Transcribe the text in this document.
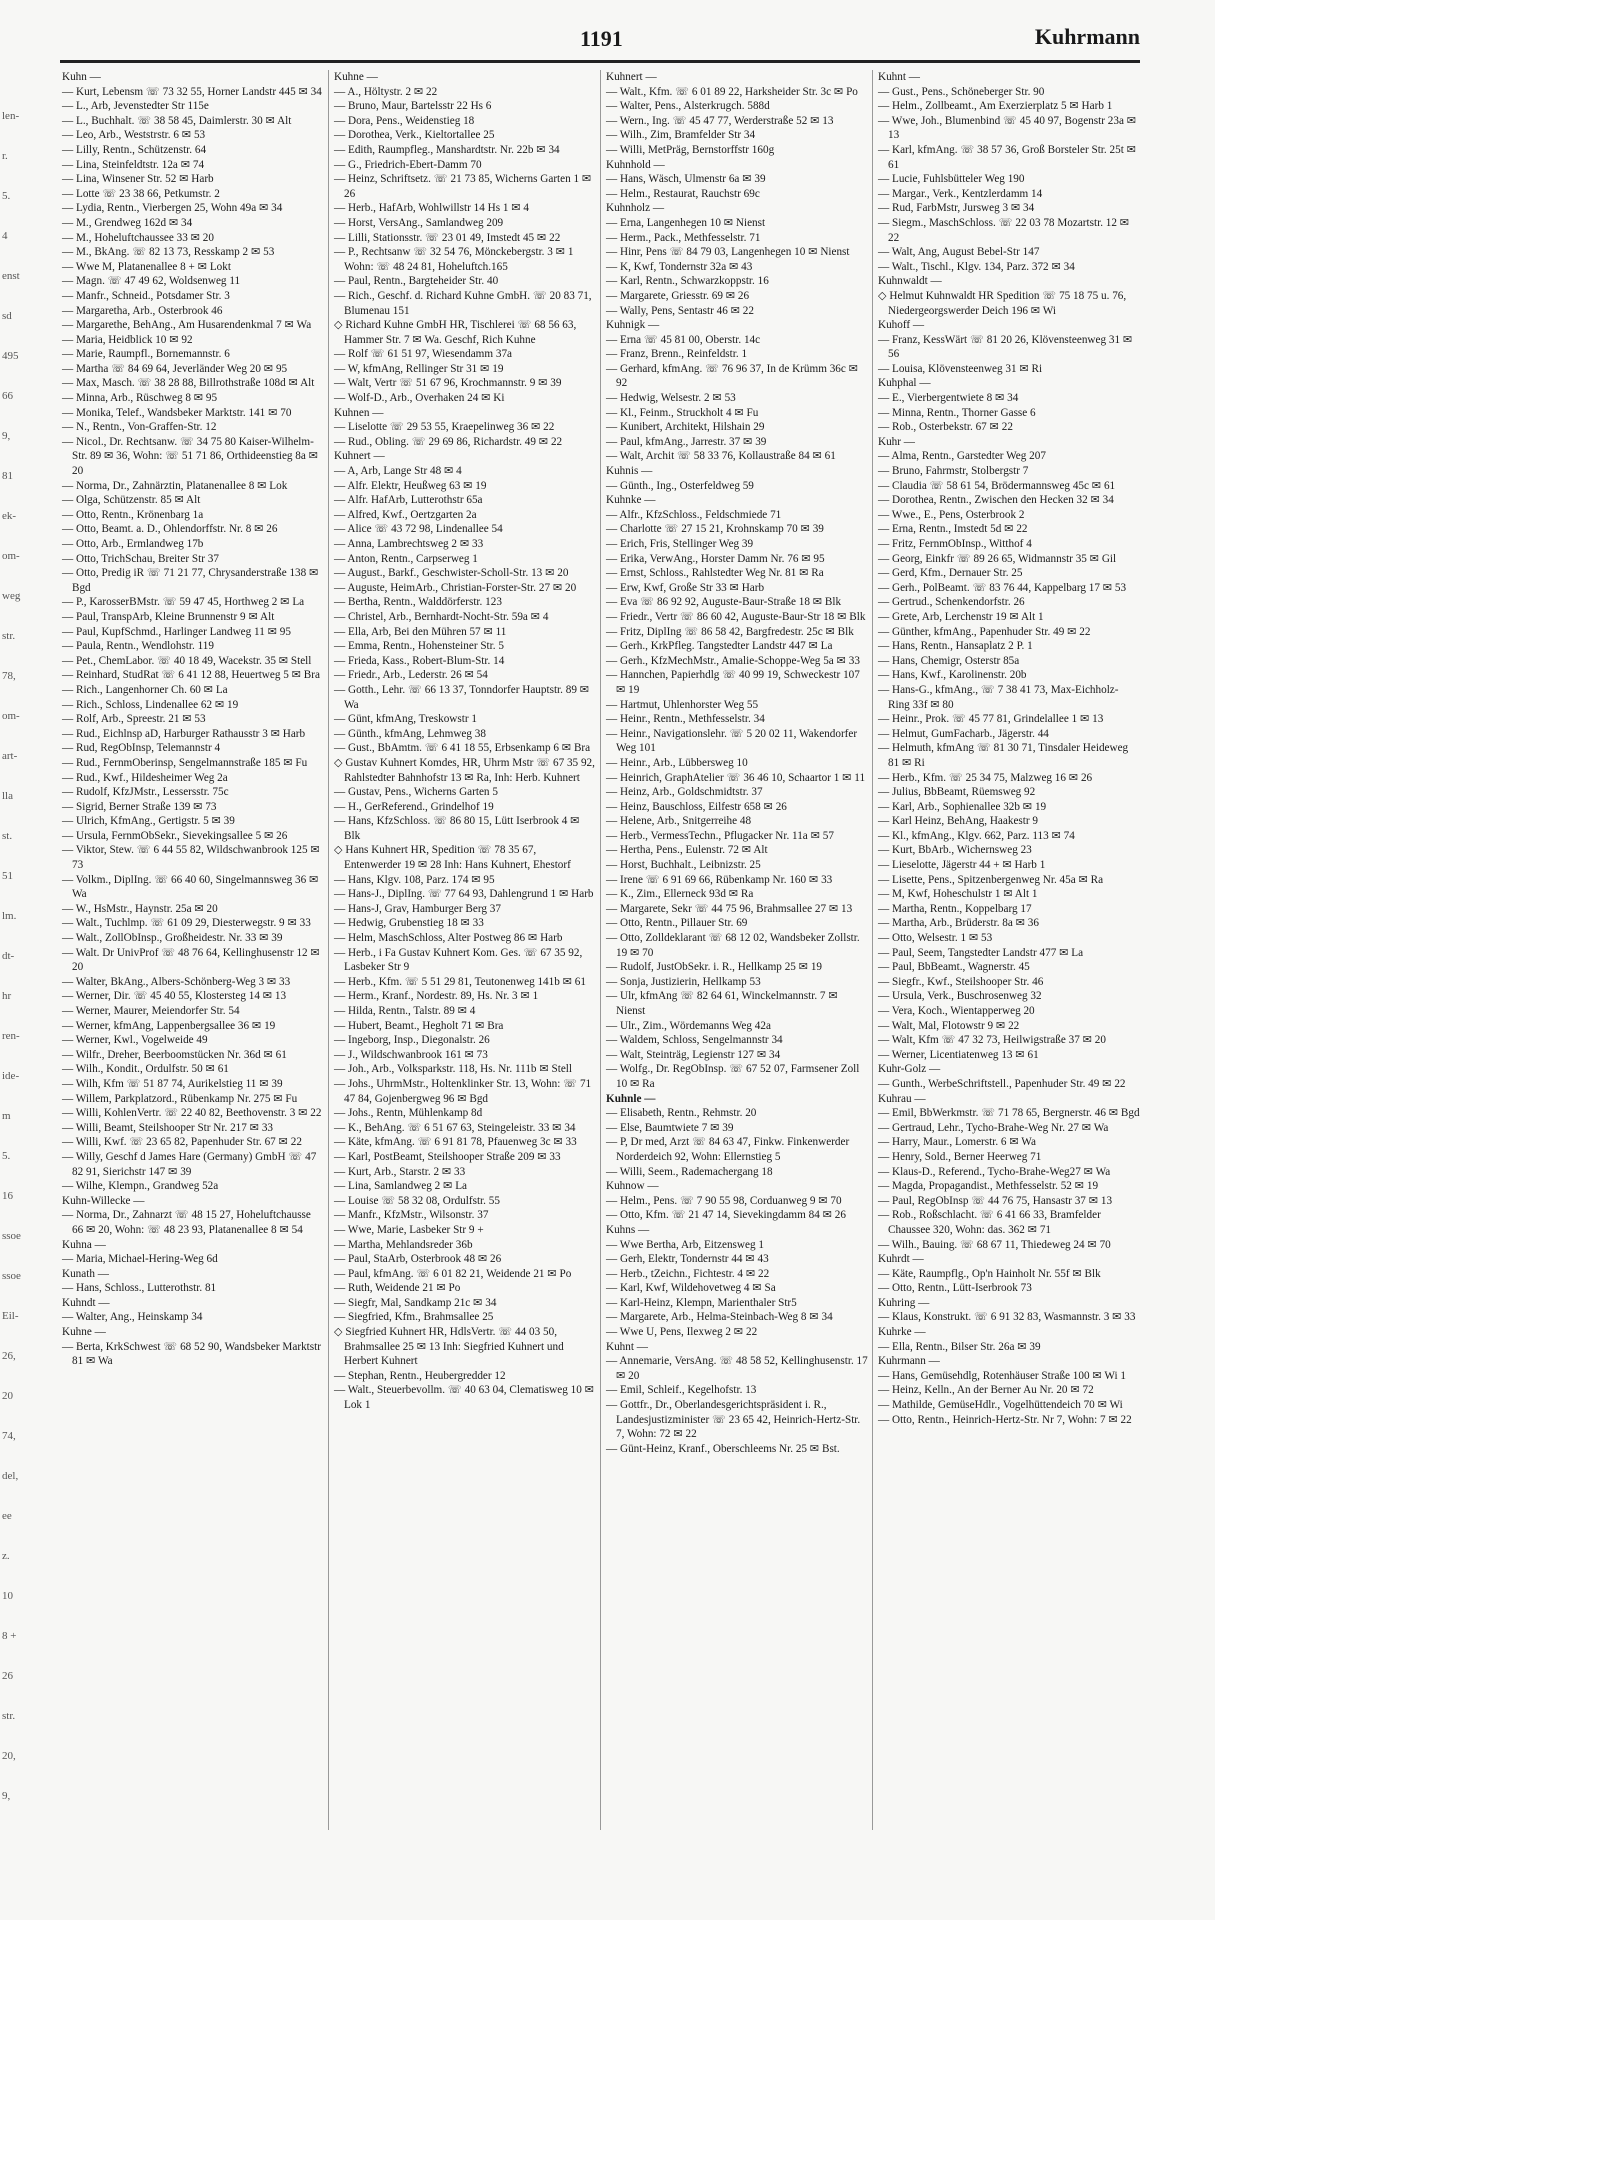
len-
r.
5.
4
enst
sd
495
66
9,
81
ek-
om-
weg
str.
78,
om-
art-
lla
st.
51
lm.
dt-
hr
ren-
ide-
m
5.
16
ssoe
ssoe
Eil-
26,
20
74,
del,
ee
z.
10
8 +
26
str.
20,
9,
1191	Kuhrmann

Kuhn —

— Kurt, Lebensm ☏ 73 32 55, Horner Landstr 445 ✉ 34

— L., Arb, Jevenstedter Str 115e

— L., Buchhalt. ☏ 38 58 45, Daimlerstr. 30 ✉ Alt

— Leo, Arb., Weststrstr. 6 ✉ 53

— Lilly, Rentn., Schützenstr. 64

— Lina, Steinfeldtstr. 12a ✉ 74

— Lina, Winsener Str. 52 ✉ Harb

— Lotte ☏ 23 38 66, Petkumstr. 2

— Lydia, Rentn., Vierbergen 25, Wohn 49a ✉ 34

— M., Grendweg 162d ✉ 34

— M., Hoheluftchaussee 33 ✉ 20

— M., BkAng. ☏ 82 13 73, Resskamp 2 ✉ 53

— Wwe M, Platanenallee 8 + ✉ Lokt

— Magn. ☏ 47 49 62, Woldsenweg 11

— Manfr., Schneid., Potsdamer Str. 3

— Margaretha, Arb., Osterbrook 46

— Margarethe, BehAng., Am Husarendenkmal 7 ✉ Wa

— Maria, Heidblick 10 ✉ 92

— Marie, Raumpfl., Bornemannstr. 6

— Martha ☏ 84 69 64, Jeverländer Weg 20 ✉ 95

— Max, Masch. ☏ 38 28 88, Billrothstraße 108d ✉ Alt

— Minna, Arb., Rüschweg 8 ✉ 95

— Monika, Telef., Wandsbeker Marktstr. 141 ✉ 70

— N., Rentn., Von-Graffen-Str. 12

— Nicol., Dr. Rechtsanw. ☏ 34 75 80 Kaiser-Wilhelm-Str. 89 ✉ 36, Wohn: ☏ 51 71 86, Orthideenstieg 8a ✉ 20

— Norma, Dr., Zahnärztin, Platanenallee 8 ✉ Lok

— Olga, Schützenstr. 85 ✉ Alt

— Otto, Rentn., Krönenbarg 1a

— Otto, Beamt. a. D., Ohlendorffstr. Nr. 8 ✉ 26

— Otto, Arb., Ermlandweg 17b

— Otto, TrichSchau, Breiter Str 37

— Otto, Predig iR ☏ 71 21 77, Chrysanderstraße 138 ✉ Bgd

— P., KarosserBMstr. ☏ 59 47 45, Horthweg 2 ✉ La

— Paul, TranspArb, Kleine Brunnenstr 9 ✉ Alt

— Paul, KupfSchmd., Harlinger Landweg 11 ✉ 95

— Paula, Rentn., Wendlohstr. 119

— Pet., ChemLabor. ☏ 40 18 49, Wacekstr. 35 ✉ Stell

— Reinhard, StudRat ☏ 6 41 12 88, Heuertweg 5 ✉ Bra

— Rich., Langenhorner Ch. 60 ✉ La

— Rich., Schloss, Lindenallee 62 ✉ 19

— Rolf, Arb., Spreestr. 21 ✉ 53

— Rud., Eichlnsp aD, Harburger Rathausstr 3 ✉ Harb

— Rud, RegObInsp, Telemannstr 4

— Rud., FernmOberinsp, Sengelmannstraße 185 ✉ Fu

— Rud., Kwf., Hildesheimer Weg 2a

— Rudolf, KfzJMstr., Lessersstr. 75c

— Sigrid, Berner Straße 139 ✉ 73

— Ulrich, KfmAng., Gertigstr. 5 ✉ 39

— Ursula, FernmObSekr., Sievekingsallee 5 ✉ 26

— Viktor, Stew. ☏ 6 44 55 82, Wildschwanbrook 125 ✉ 73

— Volkm., DiplIng. ☏ 66 40 60, Singelmannsweg 36 ✉ Wa

— W., HsMstr., Haynstr. 25a ✉ 20

— Walt., Tuchlmp. ☏ 61 09 29, Diesterwegstr. 9 ✉ 33

— Walt., ZollObInsp., Großheidestr. Nr. 33 ✉ 39

— Walt. Dr UnivProf ☏ 48 76 64, Kellinghusenstr 12 ✉ 20

— Walter, BkAng., Albers-Schönberg-Weg 3 ✉ 33

— Werner, Dir. ☏ 45 40 55, Klostersteg 14 ✉ 13

— Werner, Maurer, Meiendorfer Str. 54

— Werner, kfmAng, Lappenbergsallee 36 ✉ 19

— Werner, Kwl., Vogelweide 49

— Wilfr., Dreher, Beerboomstücken Nr. 36d ✉ 61

— Wilh., Kondit., Ordulfstr. 50 ✉ 61

— Wilh, Kfm ☏ 51 87 74, Aurikelstieg 11 ✉ 39

— Willem, Parkplatzord., Rübenkamp Nr. 275 ✉ Fu

— Willi, KohlenVertr. ☏ 22 40 82, Beethovenstr. 3 ✉ 22

— Willi, Beamt, Steilshooper Str Nr. 217 ✉ 33

— Willi, Kwf. ☏ 23 65 82, Papenhuder Str. 67 ✉ 22

— Willy, Geschf d James Hare (Germany) GmbH ☏ 47 82 91, Sierichstr 147 ✉ 39

— Wilhe, Klempn., Grandweg 52a

Kuhn-Willecke —

— Norma, Dr., Zahnarzt ☏ 48 15 27, Hoheluftchausse 66 ✉ 20, Wohn: ☏ 48 23 93, Platanenallee 8 ✉ 54

Kuhna —

— Maria, Michael-Hering-Weg 6d

Kunath —

— Hans, Schloss., Lutterothstr. 81

Kuhndt —

— Walter, Ang., Heinskamp 34

Kuhne —

— Berta, KrkSchwest ☏ 68 52 90, Wandsbeker Marktstr 81 ✉ Wa

Kuhne —

— A., Höltystr. 2 ✉ 22

— Bruno, Maur, Bartelsstr 22 Hs 6

— Dora, Pens., Weidenstieg 18

— Dorothea, Verk., Kieltortallee 25

— Edith, Raumpfleg., Manshardtstr. Nr. 22b ✉ 34

— G., Friedrich-Ebert-Damm 70

— Heinz, Schriftsetz. ☏ 21 73 85, Wicherns Garten 1 ✉ 26

— Herb., HafArb, Wohlwillstr 14 Hs 1 ✉ 4

— Horst, VersAng., Samlandweg 209

— Lilli, Stationsstr. ☏ 23 01 49, Imstedt 45 ✉ 22

— P., Rechtsanw ☏ 32 54 76, Mönckebergstr. 3 ✉ 1 Wohn: ☏ 48 24 81, Hoheluftch.165

— Paul, Rentn., Bargteheider Str. 40

— Rich., Geschf. d. Richard Kuhne GmbH. ☏ 20 83 71, Blumenau 151

◇ Richard Kuhne GmbH HR, Tischlerei ☏ 68 56 63, Hammer Str. 7 ✉ Wa. Geschf, Rich Kuhne

— Rolf ☏ 61 51 97, Wiesendamm 37a

— W, kfmAng, Rellinger Str 31 ✉ 19

— Walt, Vertr ☏ 51 67 96, Krochmannstr. 9 ✉ 39

— Wolf-D., Arb., Overhaken 24 ✉ Ki

Kuhnen —

— Liselotte ☏ 29 53 55, Kraepelinweg 36 ✉ 22

— Rud., Obling. ☏ 29 69 86, Richardstr. 49 ✉ 22

Kuhnert —

— A, Arb, Lange Str 48 ✉ 4

— Alfr. Elektr, Heußweg 63 ✉ 19

— Alfr. HafArb, Lutterothstr 65a

— Alfred, Kwf., Oertzgarten 2a

— Alice ☏ 43 72 98, Lindenallee 54

— Anna, Lambrechtsweg 2 ✉ 33

— Anton, Rentn., Carpserweg 1

— August., Barkf., Geschwister-Scholl-Str. 13 ✉ 20

— Auguste, HeimArb., Christian-Forster-Str. 27 ✉ 20

— Bertha, Rentn., Walddörferstr. 123

— Christel, Arb., Bernhardt-Nocht-Str. 59a ✉ 4

— Ella, Arb, Bei den Mühren 57 ✉ 11

— Emma, Rentn., Hohensteiner Str. 5

— Frieda, Kass., Robert-Blum-Str. 14

— Friedr., Arb., Lederstr. 26 ✉ 54

— Gotth., Lehr. ☏ 66 13 37, Tonndorfer Hauptstr. 89 ✉ Wa

— Günt, kfmAng, Treskowstr 1

— Günth., kfmAng, Lehmweg 38

— Gust., BbAmtm. ☏ 6 41 18 55, Erbsenkamp 6 ✉ Bra

◇ Gustav Kuhnert Komdes, HR, Uhrm Mstr ☏ 67 35 92, Rahlstedter Bahnhofstr 13 ✉ Ra, Inh: Herb. Kuhnert

— Gustav, Pens., Wicherns Garten 5

— H., GerReferend., Grindelhof 19

— Hans, KfzSchloss. ☏ 86 80 15, Lütt Iserbrook 4 ✉ Blk

◇ Hans Kuhnert HR, Spedition ☏ 78 35 67, Entenwerder 19 ✉ 28 Inh: Hans Kuhnert, Ehestorf

— Hans, Klgv. 108, Parz. 174 ✉ 95

— Hans-J., DiplIng. ☏ 77 64 93, Dahlengrund 1 ✉ Harb

— Hans-J, Grav, Hamburger Berg 37

— Hedwig, Grubenstieg 18 ✉ 33

— Helm, MaschSchloss, Alter Postweg 86 ✉ Harb

— Herb., i Fa Gustav Kuhnert Kom. Ges. ☏ 67 35 92, Lasbeker Str 9

— Herb., Kfm. ☏ 5 51 29 81, Teutonenweg 141b ✉ 61

— Herm., Kranf., Nordestr. 89, Hs. Nr. 3 ✉ 1

— Hilda, Rentn., Talstr. 89 ✉ 4

— Hubert, Beamt., Hegholt 71 ✉ Bra

— Ingeborg, Insp., Diegonalstr. 26

— J., Wildschwanbrook 161 ✉ 73

— Joh., Arb., Volksparkstr. 118, Hs. Nr. 111b ✉ Stell

— Johs., UhrmMstr., Holtenklinker Str. 13, Wohn: ☏ 71 47 84, Gojenbergweg 96 ✉ Bgd

— Johs., Rentn, Mühlenkamp 8d

— K., BehAng. ☏ 6 51 67 63, Steingeleistr. 33 ✉ 34

— Käte, kfmAng. ☏ 6 91 81 78, Pfauenweg 3c ✉ 33

— Karl, PostBeamt, Steilshooper Straße 209 ✉ 33

— Kurt, Arb., Starstr. 2 ✉ 33

— Lina, Samlandweg 2 ✉ La

— Louise ☏ 58 32 08, Ordulfstr. 55

— Manfr., KfzMstr., Wilsonstr. 37

— Wwe, Marie, Lasbeker Str 9 +

— Martha, Mehlandsreder 36b

— Paul, StaArb, Osterbrook 48 ✉ 26

— Paul, kfmAng. ☏ 6 01 82 21, Weidende 21 ✉ Po

— Ruth, Weidende 21 ✉ Po

— Siegfr, Mal, Sandkamp 21c ✉ 34

— Siegfried, Kfm., Brahmsallee 25

◇ Siegfried Kuhnert HR, HdlsVertr. ☏ 44 03 50, Brahmsallee 25 ✉ 13 Inh: Siegfried Kuhnert und Herbert Kuhnert

— Stephan, Rentn., Heubergredder 12

— Walt., Steuerbevollm. ☏ 40 63 04, Clematisweg 10 ✉ Lok 1

Kuhnert —

— Walt., Kfm. ☏ 6 01 89 22, Harksheider Str. 3c ✉ Po

— Walter, Pens., Alsterkrugch. 588d

— Wern., Ing. ☏ 45 47 77, Werderstraße 52 ✉ 13

— Wilh., Zim, Bramfelder Str 34

— Willi, MetPräg, Bernstorffstr 160g

Kuhnhold —

— Hans, Wäsch, Ulmenstr 6a ✉ 39

— Helm., Restaurat, Rauchstr 69c

Kuhnholz —

— Erna, Langenhegen 10 ✉ Nienst

— Herm., Pack., Methfesselstr. 71

— Hinr, Pens ☏ 84 79 03, Langenhegen 10 ✉ Nienst

— K, Kwf, Tondernstr 32a ✉ 43

— Karl, Rentn., Schwarzkoppstr. 16

— Margarete, Griesstr. 69 ✉ 26

— Wally, Pens, Sentastr 46 ✉ 22

Kuhnigk —

— Erna ☏ 45 81 00, Oberstr. 14c

— Franz, Brenn., Reinfeldstr. 1

— Gerhard, kfmAng. ☏ 76 96 37, In de Krümm 36c ✉ 92

— Hedwig, Welsestr. 2 ✉ 53

— Kl., Feinm., Struckholt 4 ✉ Fu

— Kunibert, Architekt, Hilshain 29

— Paul, kfmAng., Jarrestr. 37 ✉ 39

— Walt, Archit ☏ 58 33 76, Kollaustraße 84 ✉ 61

Kuhnis —

— Günth., Ing., Osterfeldweg 59

Kuhnke —

— Alfr., KfzSchloss., Feldschmiede 71

— Charlotte ☏ 27 15 21, Krohnskamp 70 ✉ 39

— Erich, Fris, Stellinger Weg 39

— Erika, VerwAng., Horster Damm Nr. 76 ✉ 95

— Ernst, Schloss., Rahlstedter Weg Nr. 81 ✉ Ra

— Erw, Kwf, Große Str 33 ✉ Harb

— Eva ☏ 86 92 92, Auguste-Baur-Straße 18 ✉ Blk

— Friedr., Vertr ☏ 86 60 42, Auguste-Baur-Str 18 ✉ Blk

— Fritz, DiplIng ☏ 86 58 42, Bargfredestr. 25c ✉ Blk

— Gerh., KrkPfleg. Tangstedter Landstr 447 ✉ La

— Gerh., KfzMechMstr., Amalie-Schoppe-Weg 5a ✉ 33

— Hannchen, Papierhdlg ☏ 40 99 19, Schweckestr 107 ✉ 19

— Hartmut, Uhlenhorster Weg 55

— Heinr., Rentn., Methfesselstr. 34

— Heinr., Navigationslehr. ☏ 5 20 02 11, Wakendorfer Weg 101

— Heinr., Arb., Lübbersweg 10

— Heinrich, GraphAtelier ☏ 36 46 10, Schaartor 1 ✉ 11

— Heinz, Arb., Goldschmidtstr. 37

— Heinz, Bauschloss, Eilfestr 658 ✉ 26

— Helene, Arb., Snitgerreihe 48

— Herb., VermessTechn., Pflugacker Nr. 11a ✉ 57

— Hertha, Pens., Eulenstr. 72 ✉ Alt

— Horst, Buchhalt., Leibnizstr. 25

— Irene ☏ 6 91 69 66, Rübenkamp Nr. 160 ✉ 33

— K., Zim., Ellerneck 93d ✉ Ra

— Margarete, Sekr ☏ 44 75 96, Brahmsallee 27 ✉ 13

— Otto, Rentn., Pillauer Str. 69

— Otto, Zolldeklarant ☏ 68 12 02, Wandsbeker Zollstr. 19 ✉ 70

— Rudolf, JustObSekr. i. R., Hellkamp 25 ✉ 19

— Sonja, Justizierin, Hellkamp 53

— Ulr, kfmAng ☏ 82 64 61, Winckelmannstr. 7 ✉ Nienst

— Ulr., Zim., Wördemanns Weg 42a

— Waldem, Schloss, Sengelmannstr 34

— Walt, Steinträg, Legienstr 127 ✉ 34

— Wolfg., Dr. RegObInsp. ☏ 67 52 07, Farmsener Zoll 10 ✉ Ra

Kuhnle —

— Elisabeth, Rentn., Rehmstr. 20

— Else, Baumtwiete 7 ✉ 39

— P, Dr med, Arzt ☏ 84 63 47, Finkw. Finkenwerder Norderdeich 92, Wohn: Ellernstieg 5

— Willi, Seem., Rademachergang 18

Kuhnow —

— Helm., Pens. ☏ 7 90 55 98, Corduanweg 9 ✉ 70

— Otto, Kfm. ☏ 21 47 14, Sievekingdamm 84 ✉ 26

Kuhns —

— Wwe Bertha, Arb, Eitzensweg 1

— Gerh, Elektr, Tondernstr 44 ✉ 43

— Herb., tZeichn., Fichtestr. 4 ✉ 22

— Karl, Kwf, Wildehovetweg 4 ✉ Sa

— Karl-Heinz, Klempn, Marienthaler Str5

— Margarete, Arb., Helma-Steinbach-Weg 8 ✉ 34

— Wwe U, Pens, Ilexweg 2 ✉ 22

Kuhnt —

— Annemarie, VersAng. ☏ 48 58 52, Kellinghusenstr. 17 ✉ 20

— Emil, Schleif., Kegelhofstr. 13

— Gottfr., Dr., Oberlandesgerichtspräsident i. R., Landesjustizminister ☏ 23 65 42, Heinrich-Hertz-Str. 7, Wohn: 72 ✉ 22

— Günt-Heinz, Kranf., Oberschleems Nr. 25 ✉ Bst.

Kuhnt —

— Gust., Pens., Schöneberger Str. 90

— Helm., Zollbeamt., Am Exerzierplatz 5 ✉ Harb 1

— Wwe, Joh., Blumenbind ☏ 45 40 97, Bogenstr 23a ✉ 13

— Karl, kfmAng. ☏ 38 57 36, Groß Borsteler Str. 25t ✉ 61

— Lucie, Fuhlsbütteler Weg 190

— Margar., Verk., Kentzlerdamm 14

— Rud, FarbMstr, Jursweg 3 ✉ 34

— Siegm., MaschSchloss. ☏ 22 03 78 Mozartstr. 12 ✉ 22

— Walt, Ang, August Bebel-Str 147

— Walt., Tischl., Klgv. 134, Parz. 372 ✉ 34

Kuhnwaldt —

◇ Helmut Kuhnwaldt HR Spedition ☏ 75 18 75 u. 76, Niedergeorgswerder Deich 196 ✉ Wi

Kuhoff —

— Franz, KessWärt ☏ 81 20 26, Klövensteenweg 31 ✉ 56

— Louisa, Klövensteenweg 31 ✉ Ri

Kuhphal —

— E., Vierbergentwiete 8 ✉ 34

— Minna, Rentn., Thorner Gasse 6

— Rob., Osterbekstr. 67 ✉ 22

Kuhr —

— Alma, Rentn., Garstedter Weg 207

— Bruno, Fahrmstr, Stolbergstr 7

— Claudia ☏ 58 61 54, Brödermannsweg 45c ✉ 61

— Dorothea, Rentn., Zwischen den Hecken 32 ✉ 34

— Wwe., E., Pens, Osterbrook 2

— Erna, Rentn., Imstedt 5d ✉ 22

— Fritz, FernmObInsp., Witthof 4

— Georg, Einkfr ☏ 89 26 65, Widmannstr 35 ✉ Gil

— Gerd, Kfm., Dernauer Str. 25

— Gerh., PolBeamt. ☏ 83 76 44, Kappelbarg 17 ✉ 53

— Gertrud., Schenkendorfstr. 26

— Grete, Arb, Lerchenstr 19 ✉ Alt 1

— Günther, kfmAng., Papenhuder Str. 49 ✉ 22

— Hans, Rentn., Hansaplatz 2 P. 1

— Hans, Chemigr, Osterstr 85a

— Hans, Kwf., Karolinenstr. 20b

— Hans-G., kfmAng., ☏ 7 38 41 73, Max-Eichholz-Ring 33f ✉ 80

— Heinr., Prok. ☏ 45 77 81, Grindelallee 1 ✉ 13

— Helmut, GumFacharb., Jägerstr. 44

— Helmuth, kfmAng ☏ 81 30 71, Tinsdaler Heideweg 81 ✉ Ri

— Herb., Kfm. ☏ 25 34 75, Malzweg 16 ✉ 26

— Julius, BbBeamt, Rüemsweg 92

— Karl, Arb., Sophienallee 32b ✉ 19

— Karl Heinz, BehAng, Haakestr 9

— Kl., kfmAng., Klgv. 662, Parz. 113 ✉ 74

— Kurt, BbArb., Wichernsweg 23

— Lieselotte, Jägerstr 44 + ✉ Harb 1

— Lisette, Pens., Spitzenbergenweg Nr. 45a ✉ Ra

— M, Kwf, Hoheschulstr 1 ✉ Alt 1

— Martha, Rentn., Koppelbarg 17

— Martha, Arb., Brüderstr. 8a ✉ 36

— Otto, Welsestr. 1 ✉ 53

— Paul, Seem, Tangstedter Landstr 477 ✉ La

— Paul, BbBeamt., Wagnerstr. 45

— Siegfr., Kwf., Steilshooper Str. 46

— Ursula, Verk., Buschrosenweg 32

— Vera, Koch., Wientapperweg 20

— Walt, Mal, Flotowstr 9 ✉ 22

— Walt, Kfm ☏ 47 32 73, Heilwigstraße 37 ✉ 20

— Werner, Licentiatenweg 13 ✉ 61

Kuhr-Golz —

— Gunth., WerbeSchriftstell., Papenhuder Str. 49 ✉ 22

Kuhrau —

— Emil, BbWerkmstr. ☏ 71 78 65, Bergnerstr. 46 ✉ Bgd

— Gertraud, Lehr., Tycho-Brahe-Weg Nr. 27 ✉ Wa

— Harry, Maur., Lomerstr. 6 ✉ Wa

— Henry, Sold., Berner Heerweg 71

— Klaus-D., Referend., Tycho-Brahe-Weg27 ✉ Wa

— Magda, Propagandist., Methfesselstr. 52 ✉ 19

— Paul, RegObInsp ☏ 44 76 75, Hansastr 37 ✉ 13

— Rob., Roßschlacht. ☏ 6 41 66 33, Bramfelder Chaussee 320, Wohn: das. 362 ✉ 71

— Wilh., Bauing. ☏ 68 67 11, Thiedeweg 24 ✉ 70

Kuhrdt —

— Käte, Raumpflg., Op'n Hainholt Nr. 55f ✉ Blk

— Otto, Rentn., Lütt-Iserbrook 73

Kuhring —

— Klaus, Konstrukt. ☏ 6 91 32 83, Wasmannstr. 3 ✉ 33

Kuhrke —

— Ella, Rentn., Bilser Str. 26a ✉ 39

Kuhrmann —

— Hans, Gemüsehdlg, Rotenhäuser Straße 100 ✉ Wi 1

— Heinz, Kelln., An der Berner Au Nr. 20 ✉ 72

— Mathilde, GemüseHdlr., Vogelhüttendeich 70 ✉ Wi

— Otto, Rentn., Heinrich-Hertz-Str. Nr 7, Wohn: 7 ✉ 22
